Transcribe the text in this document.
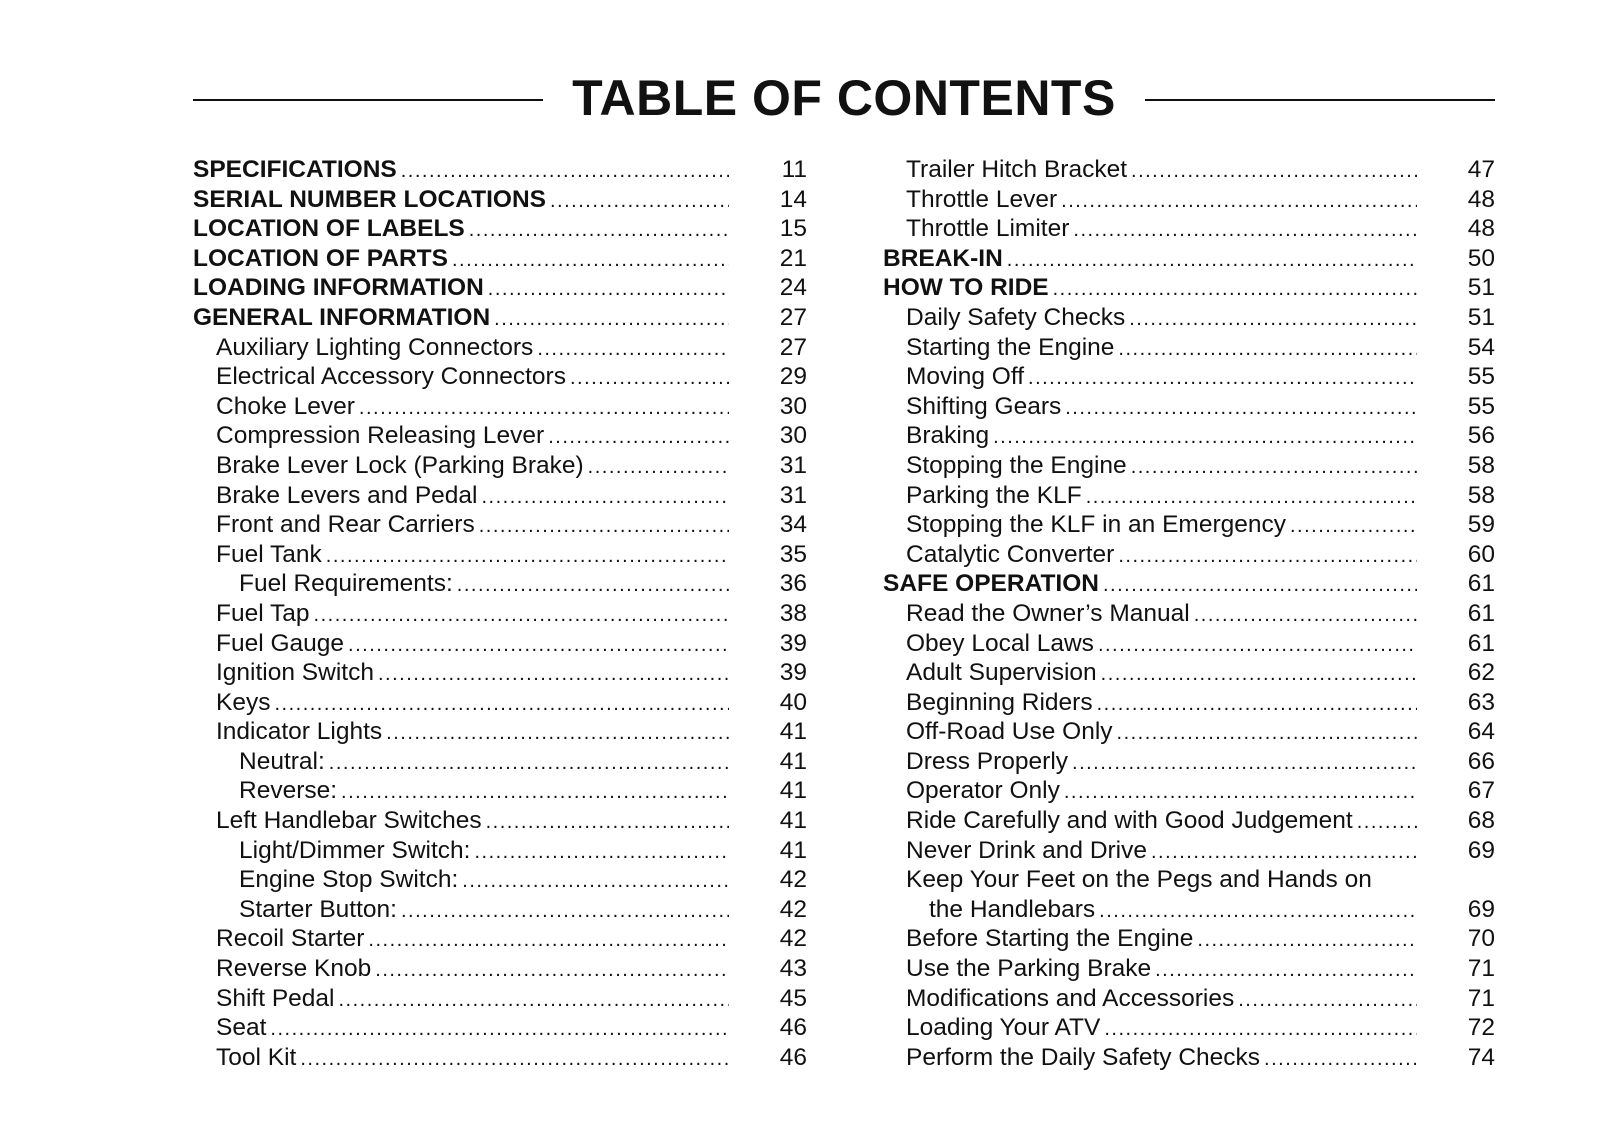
TABLE OF CONTENTS
SPECIFICATIONS .....	11
SERIAL NUMBER LOCATIONS .....	14
LOCATION OF LABELS .....	15
LOCATION OF PARTS .....	21
LOADING INFORMATION .....	24
GENERAL INFORMATION .....	27
Auxiliary Lighting Connectors .....	27
Electrical Accessory Connectors .....	29
Choke Lever .....	30
Compression Releasing Lever .....	30
Brake Lever Lock (Parking Brake) .....	31
Brake Levers and Pedal .....	31
Front and Rear Carriers .....	34
Fuel Tank .....	35
Fuel Requirements: .....	36
Fuel Tap .....	38
Fuel Gauge .....	39
Ignition Switch .....	39
Keys .....	40
Indicator Lights .....	41
Neutral: .....	41
Reverse: .....	41
Left Handlebar Switches .....	41
Light/Dimmer Switch: .....	41
Engine Stop Switch: .....	42
Starter Button: .....	42
Recoil Starter .....	42
Reverse Knob .....	43
Shift Pedal .....	45
Seat .....	46
Tool Kit .....	46
Trailer Hitch Bracket .....	47
Throttle Lever .....	48
Throttle Limiter .....	48
BREAK-IN .....	50
HOW TO RIDE .....	51
Daily Safety Checks .....	51
Starting the Engine .....	54
Moving Off .....	55
Shifting Gears .....	55
Braking .....	56
Stopping the Engine .....	58
Parking the KLF .....	58
Stopping the KLF in an Emergency .....	59
Catalytic Converter .....	60
SAFE OPERATION .....	61
Read the Owner’s Manual .....	61
Obey Local Laws .....	61
Adult Supervision .....	62
Beginning Riders .....	63
Off-Road Use Only .....	64
Dress Properly .....	66
Operator Only .....	67
Ride Carefully and with Good Judgement .....	68
Never Drink and Drive .....	69
Keep Your Feet on the Pegs and Hands on
the Handlebars .....	69
Before Starting the Engine .....	70
Use the Parking Brake .....	71
Modifications and Accessories .....	71
Loading Your ATV .....	72
Perform the Daily Safety Checks .....	74
